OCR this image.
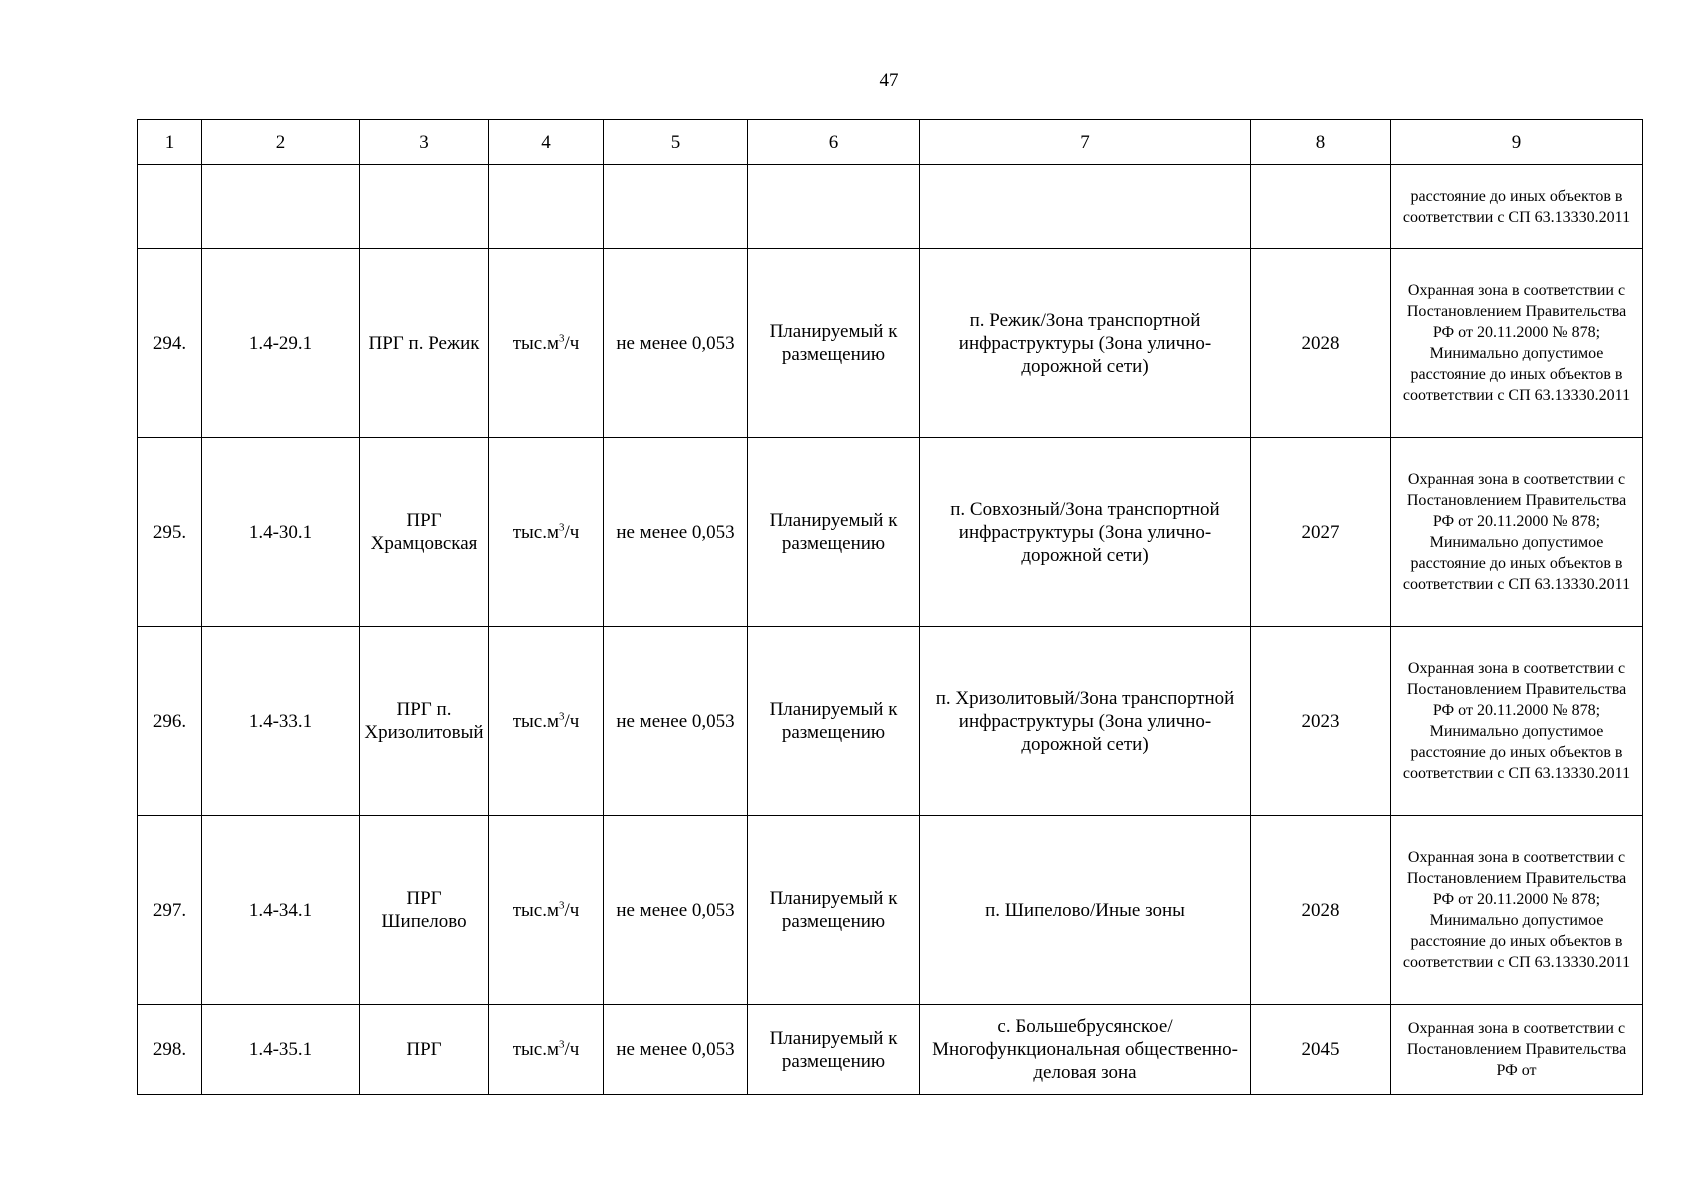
47
1	2	3	4	5	6	7	8	9
								расстояние до иных объектов в соответствии с СП 63.13330.2011
294.	1.4-29.1	ПРГ п. Режик	$тыс.м^3/ч$	не менее 0,053	Планируемый к размещению	п. Режик/Зона транспортной инфраструктуры (Зона улично-дорожной сети)	2028	Охранная зона в соответствии с Постановлением Правительства РФ от 20.11.2000 № 878; Минимально допустимое расстояние до иных объектов в соответствии с СП 63.13330.2011
295.	1.4-30.1	ПРГ Храмцовская	$тыс.м^3/ч$	не менее 0,053	Планируемый к размещению	п. Совхозный/Зона транспортной инфраструктуры (Зона улично-дорожной сети)	2027	Охранная зона в соответствии с Постановлением Правительства РФ от 20.11.2000 № 878; Минимально допустимое расстояние до иных объектов в соответствии с СП 63.13330.2011
296.	1.4-33.1	ПРГ п. Хризолитовый	$тыс.м^3/ч$	не менее 0,053	Планируемый к размещению	п. Хризолитовый/Зона транспортной инфраструктуры (Зона улично-дорожной сети)	2023	Охранная зона в соответствии с Постановлением Правительства РФ от 20.11.2000 № 878; Минимально допустимое расстояние до иных объектов в соответствии с СП 63.13330.2011
297.	1.4-34.1	ПРГ Шипелово	$тыс.м^3/ч$	не менее 0,053	Планируемый к размещению	п. Шипелово/Иные зоны	2028	Охранная зона в соответствии с Постановлением Правительства РФ от 20.11.2000 № 878; Минимально допустимое расстояние до иных объектов в соответствии с СП 63.13330.2011
298.	1.4-35.1	ПРГ	$тыс.м^3/ч$	не менее 0,053	Планируемый к размещению	с. Большебрусянское/Многофункциональная общественно-деловая зона	2045	Охранная зона в соответствии с Постановлением Правительства РФ от
